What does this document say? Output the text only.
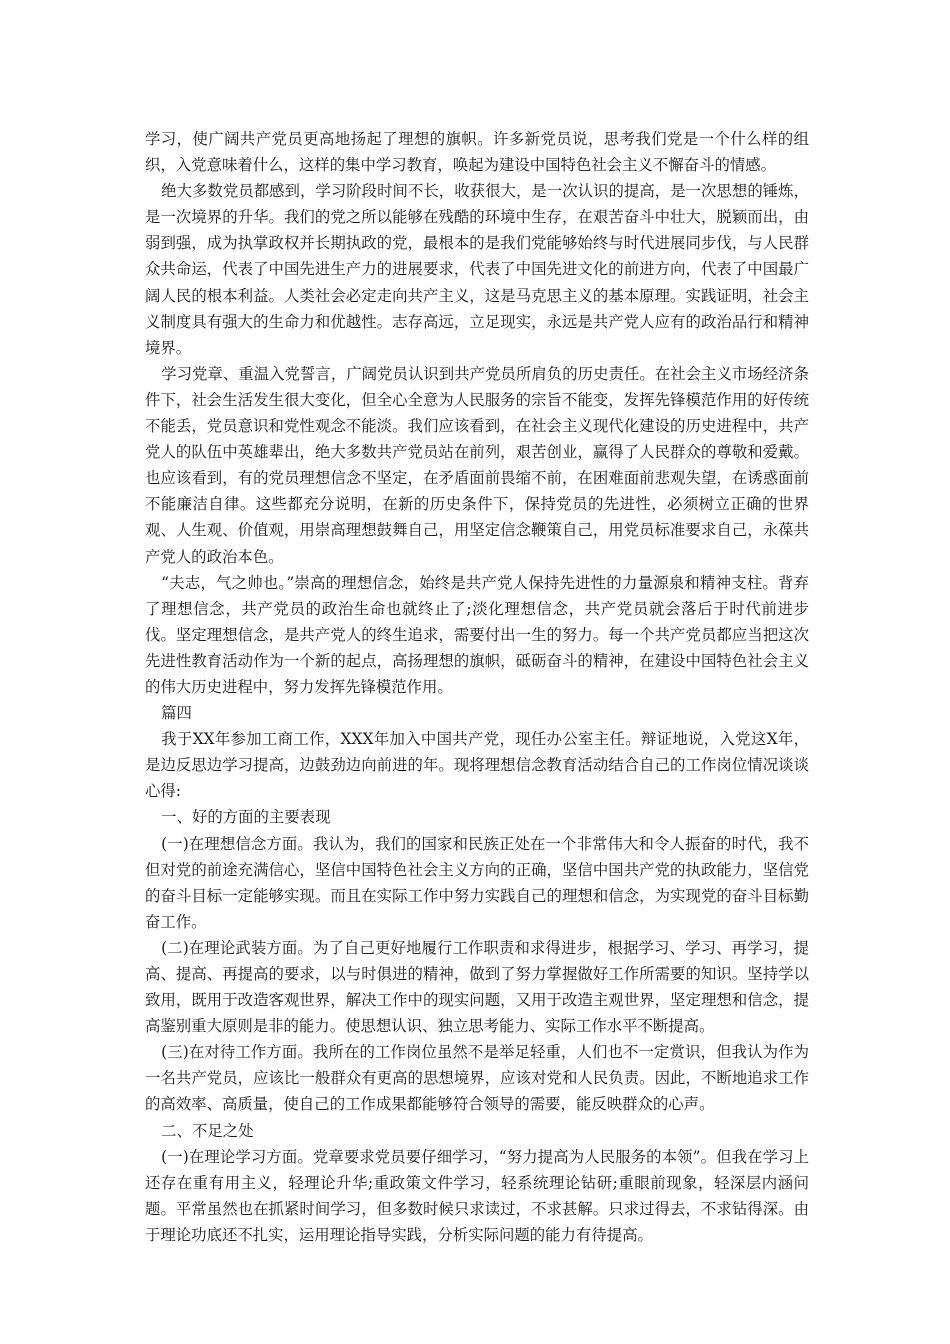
学习，使广阔共产党员更高地扬起了理想的旗帜。许多新党员说，思考我们党是一个什么样的组织，入党意味着什么，这样的集中学习教育，唤起为建设中国特色社会主义不懈奋斗的情感。

绝大多数党员都感到，学习阶段时间不长，收获很大，是一次认识的提高，是一次思想的锤炼，是一次境界的升华。我们的党之所以能够在残酷的环境中生存，在艰苦奋斗中壮大，脱颖而出，由弱到强，成为执掌政权并长期执政的党，最根本的是我们党能够始终与时代进展同步伐，与人民群众共命运，代表了中国先进生产力的进展要求，代表了中国先进文化的前进方向，代表了中国最广阔人民的根本利益。人类社会必定走向共产主义，这是马克思主义的基本原理。实践证明，社会主义制度具有强大的生命力和优越性。志存高远，立足现实，永远是共产党人应有的政治品行和精神境界。

学习党章、重温入党誓言，广阔党员认识到共产党员所肩负的历史责任。在社会主义市场经济条件下，社会生活发生很大变化，但全心全意为人民服务的宗旨不能变，发挥先锋模范作用的好传统不能丢，党员意识和党性观念不能淡。我们应该看到，在社会主义现代化建设的历史进程中，共产党人的队伍中英雄辈出，绝大多数共产党员站在前列，艰苦创业，赢得了人民群众的尊敬和爱戴。也应该看到，有的党员理想信念不坚定，在矛盾面前畏缩不前，在困难面前悲观失望，在诱惑面前不能廉洁自律。这些都充分说明，在新的历史条件下，保持党员的先进性，必须树立正确的世界观、人生观、价值观，用崇高理想鼓舞自己，用坚定信念鞭策自己，用党员标准要求自己，永葆共产党人的政治本色。

“夫志，气之帅也。”崇高的理想信念，始终是共产党人保持先进性的力量源泉和精神支柱。背弃了理想信念，共产党员的政治生命也就终止了;淡化理想信念，共产党员就会落后于时代前进步伐。坚定理想信念，是共产党人的终生追求，需要付出一生的努力。每一个共产党员都应当把这次先进性教育活动作为一个新的起点，高扬理想的旗帜，砥砺奋斗的精神，在建设中国特色社会主义的伟大历史进程中，努力发挥先锋模范作用。

篇四

我于XX年参加工商工作，XXX年加入中国共产党，现任办公室主任。辩证地说，入党这X年，是边反思边学习提高，边鼓劲边向前进的年。现将理想信念教育活动结合自己的工作岗位情况谈谈心得:

一、好的方面的主要表现

(一)在理想信念方面。我认为，我们的国家和民族正处在一个非常伟大和令人振奋的时代，我不但对党的前途充满信心，坚信中国特色社会主义方向的正确，坚信中国共产党的执政能力，坚信党的奋斗目标一定能够实现。而且在实际工作中努力实践自己的理想和信念，为实现党的奋斗目标勤奋工作。

(二)在理论武装方面。为了自己更好地履行工作职责和求得进步，根据学习、学习、再学习，提高、提高、再提高的要求，以与时俱进的精神，做到了努力掌握做好工作所需要的知识。坚持学以致用，既用于改造客观世界，解决工作中的现实问题，又用于改造主观世界，坚定理想和信念，提高鉴别重大原则是非的能力。使思想认识、独立思考能力、实际工作水平不断提高。

(三)在对待工作方面。我所在的工作岗位虽然不是举足轻重，人们也不一定赏识，但我认为作为一名共产党员，应该比一般群众有更高的思想境界，应该对党和人民负责。因此，不断地追求工作的高效率、高质量，使自己的工作成果都能够符合领导的需要，能反映群众的心声。

二、不足之处

(一)在理论学习方面。党章要求党员要仔细学习，“努力提高为人民服务的本领”。但我在学习上还存在重有用主义，轻理论升华;重政策文件学习，轻系统理论钻研;重眼前现象，轻深层内涵问题。平常虽然也在抓紧时间学习，但多数时候只求读过，不求甚解。只求过得去，不求钻得深。由于理论功底还不扎实，运用理论指导实践，分析实际问题的能力有待提高。
